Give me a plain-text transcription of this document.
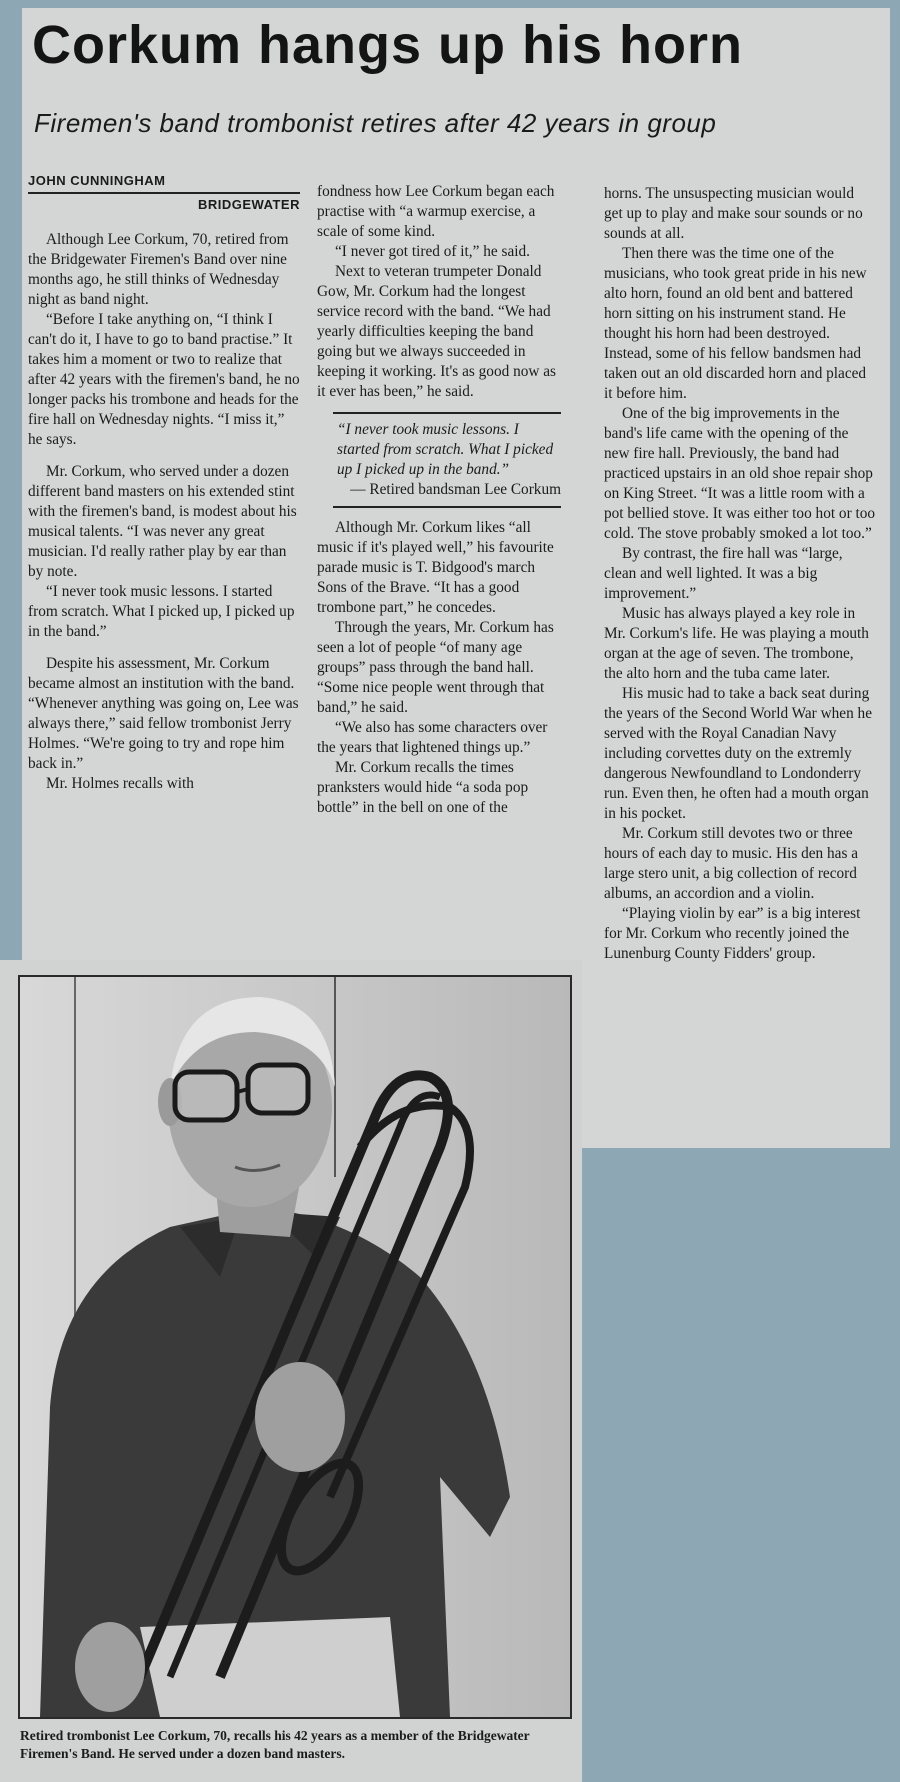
Corkum hangs up his horn
Firemen's band trombonist retires after 42 years in group
JOHN CUNNINGHAM
BRIDGEWATER

Although Lee Corkum, 70, retired from the Bridgewater Firemen's Band over nine months ago, he still thinks of Wednesday night as band night.

“Before I take anything on, “I think I can't do it, I have to go to band practise.” It takes him a moment or two to realize that after 42 years with the firemen's band, he no longer packs his trombone and heads for the fire hall on Wednesday nights. “I miss it,” he says.

Mr. Corkum, who served under a dozen different band masters on his extended stint with the firemen's band, is modest about his musical talents. “I was never any great musician. I'd really rather play by ear than by note.

“I never took music lessons. I started from scratch. What I picked up, I picked up in the band.”

Despite his assessment, Mr. Corkum became almost an institution with the band. “Whenever anything was going on, Lee was always there,” said fellow trombonist Jerry Holmes. “We're going to try and rope him back in.”

Mr. Holmes recalls with

fondness how Lee Corkum began each practise with “a warmup exercise, a scale of some kind.

“I never got tired of it,” he said.

Next to veteran trumpeter Donald Gow, Mr. Corkum had the longest service record with the band. “We had yearly difficulties keeping the band going but we always succeeded in keeping it working. It's as good now as it ever has been,” he said.

“I never took music lessons. I started from scratch. What I picked up I picked up in the band.”
— Retired bandsman Lee Corkum

Although Mr. Corkum likes “all music if it's played well,” his favourite parade music is T. Bidgood's march Sons of the Brave. “It has a good trombone part,” he concedes.

Through the years, Mr. Corkum has seen a lot of people “of many age groups” pass through the band hall. “Some nice people went through that band,” he said.

“We also has some characters over the years that lightened things up.”

Mr. Corkum recalls the times pranksters would hide “a soda pop bottle” in the bell on one of the

horns. The unsuspecting musician would get up to play and make sour sounds or no sounds at all.

Then there was the time one of the musicians, who took great pride in his new alto horn, found an old bent and battered horn sitting on his instrument stand. He thought his horn had been destroyed. Instead, some of his fellow bandsmen had taken out an old discarded horn and placed it before him.

One of the big improvements in the band's life came with the opening of the new fire hall. Previously, the band had practiced upstairs in an old shoe repair shop on King Street. “It was a little room with a pot bellied stove. It was either too hot or too cold. The stove probably smoked a lot too.”

By contrast, the fire hall was “large, clean and well lighted. It was a big improvement.”

Music has always played a key role in Mr. Corkum's life. He was playing a mouth organ at the age of seven. The trombone, the alto horn and the tuba came later.

His music had to take a back seat during the years of the Second World War when he served with the Royal Canadian Navy including corvettes duty on the extremly dangerous Newfoundland to Londonderry run. Even then, he often had a mouth organ in his pocket.

Mr. Corkum still devotes two or three hours of each day to music. His den has a large stero unit, a big collection of record albums, an accordion and a violin.

“Playing violin by ear” is a big interest for Mr. Corkum who recently joined the Lunenburg County Fidders' group.

Retired trombonist Lee Corkum, 70, recalls his 42 years as a member of the Bridgewater Firemen's Band. He served under a dozen band masters.
